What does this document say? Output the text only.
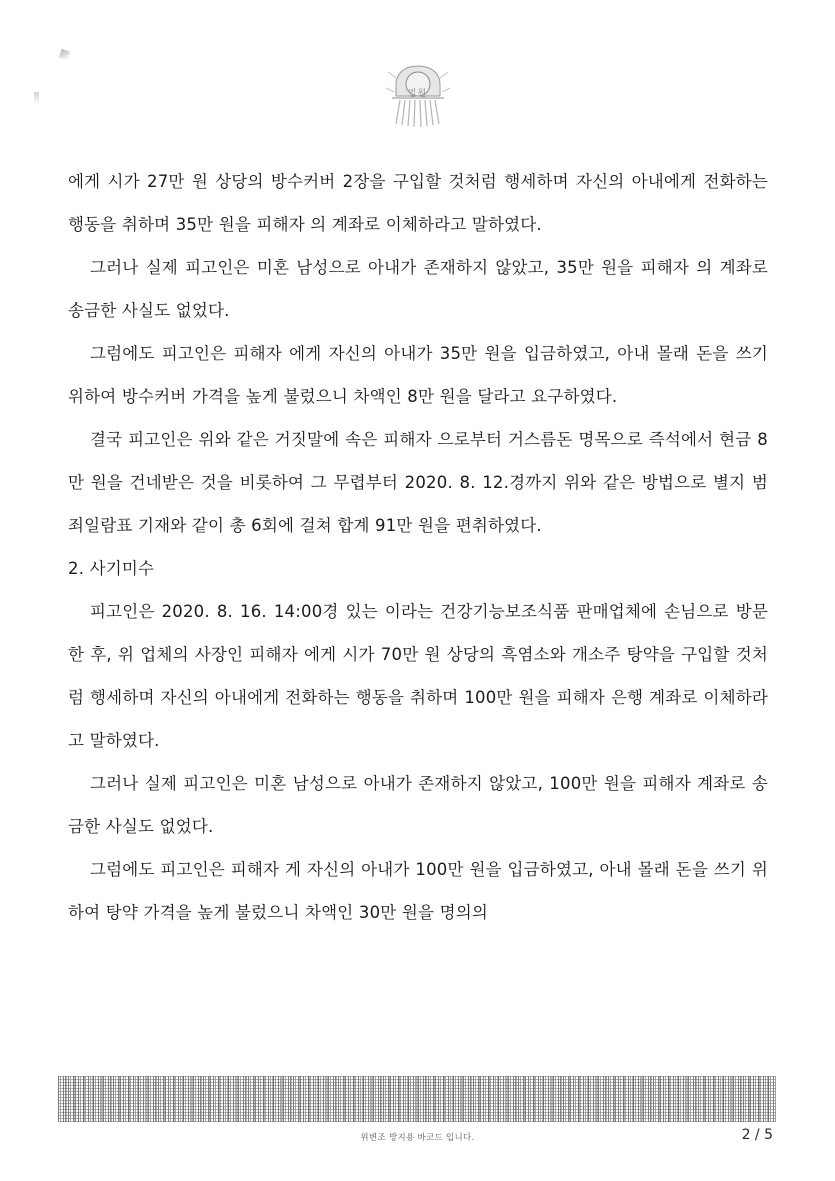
법원

에게 시가 27만 원 상당의 방수커버 2장을 구입할 것처럼 행세하며 자신의 아내에게 전화하는 행동을 취하며 35만 원을 피해자 의 계좌로 이체하라고 말하였다.

그러나 실제 피고인은 미혼 남성으로 아내가 존재하지 않았고, 35만 원을 피해자 의 계좌로 송금한 사실도 없었다.

그럼에도 피고인은 피해자 에게 자신의 아내가 35만 원을 입금하였고, 아내 몰래 돈을 쓰기 위하여 방수커버 가격을 높게 불렀으니 차액인 8만 원을 달라고 요구하였다.

결국 피고인은 위와 같은 거짓말에 속은 피해자 으로부터 거스름돈 명목으로 즉석에서 현금 8만 원을 건네받은 것을 비롯하여 그 무렵부터 2020. 8. 12.경까지 위와 같은 방법으로 별지 범죄일람표 기재와 같이 총 6회에 걸쳐 합계 91만 원을 편취하였다.

2. 사기미수

피고인은 2020. 8. 16. 14:00경 있는 이라는 건강기능보조식품 판매업체에 손님으로 방문한 후, 위 업체의 사장인 피해자 에게 시가 70만 원 상당의 흑염소와 개소주 탕약을 구입할 것처럼 행세하며 자신의 아내에게 전화하는 행동을 취하며 100만 원을 피해자 은행 계좌로 이체하라고 말하였다.

그러나 실제 피고인은 미혼 남성으로 아내가 존재하지 않았고, 100만 원을 피해자 계좌로 송금한 사실도 없었다.

그럼에도 피고인은 피해자 게 자신의 아내가 100만 원을 입금하였고, 아내 몰래 돈을 쓰기 위하여 탕약 가격을 높게 불렀으니 차액인 30만 원을 명의의

위변조 방지용 바코드 입니다.	2 / 5
